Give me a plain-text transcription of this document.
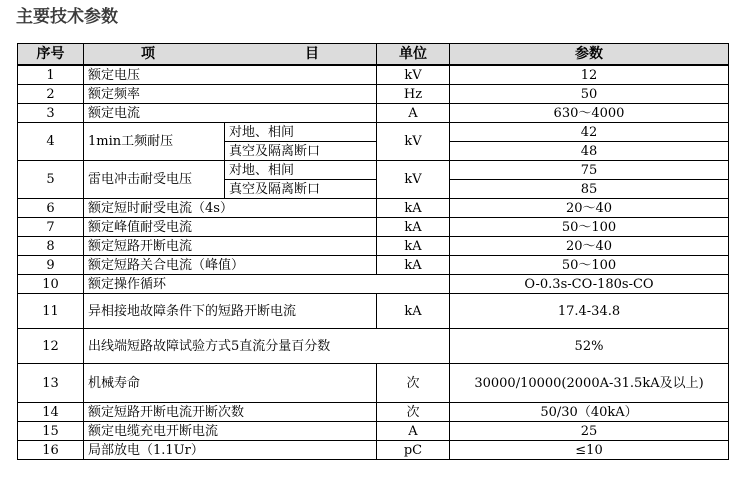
主要技术参数
序号	项 目		单位	参数
1	额定电压		kV	12
2	额定频率		Hz	50
3	额定电流		A	630～4000
4	1min工频耐压	对地、相间	kV	42
		真空及隔离断口		48
5	雷电冲击耐受电压	对地、相间	kV	75
		真空及隔离断口		85
6	额定短时耐受电流（4s）		kA	20～40
7	额定峰值耐受电流		kA	50～100
8	额定短路开断电流		kA	20～40
9	额定短路关合电流（峰值）		kA	50～100
10	额定操作循环			O-0.3s-CO-180s-CO
11	异相接地故障条件下的短路开断电流		kA	17.4-34.8
12	出线端短路故障试验方式5直流分量百分数			52%
13	机械寿命		次	30000/10000(2000A-31.5kA及以上)
14	额定短路开断电流开断次数		次	50/30（40kA）
15	额定电缆充电开断电流		A	25
16	局部放电（1.1Ur）		pC	≤10
